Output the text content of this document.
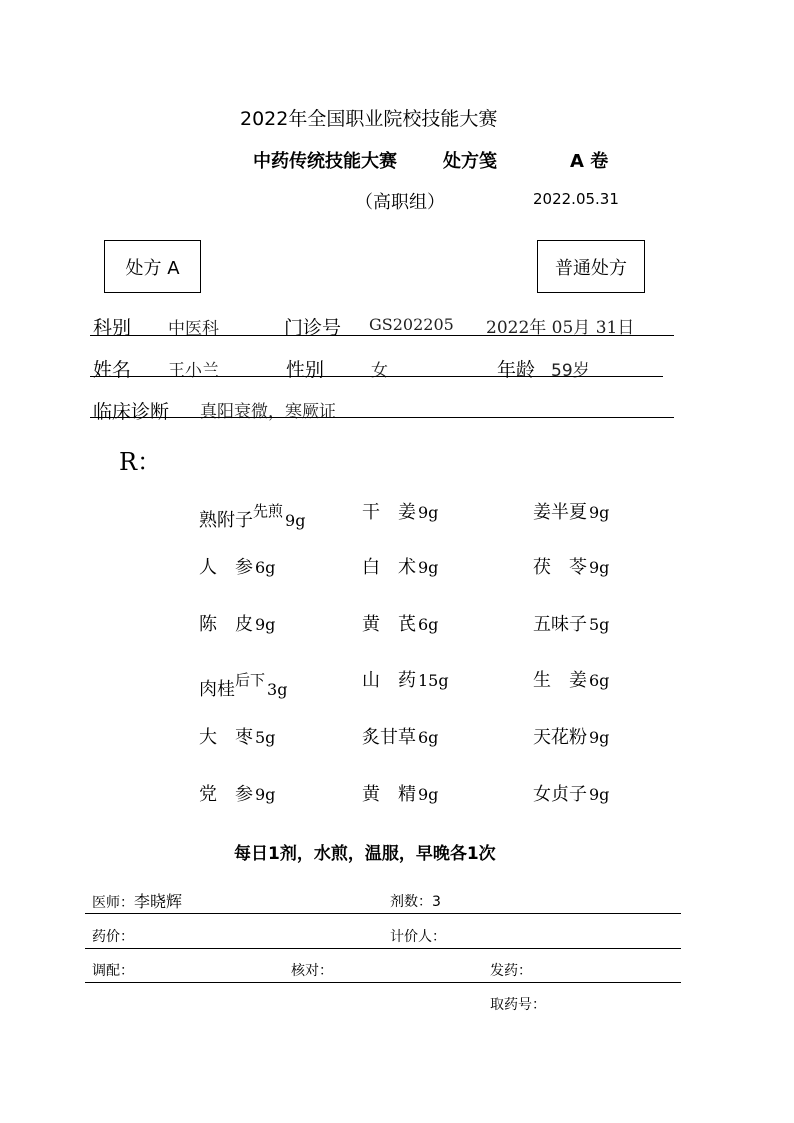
2022年全国职业院校技能大赛
中药传统技能大赛	处方笺	A 卷
（高职组）	2022.05.31
处方 A	普通处方
科别 中医科	门诊号 GS202205 2022年 05月 31日
姓名 王小兰	性别	女	年龄 59岁
临床诊断 真阳衰微，寒厥证
R：
熟附子$^{先煎}$ 9g	干　姜 9g	姜半夏 9g
人　参 6g	白　术 9g	茯　苓 9g
陈　皮 9g	黄　芪 6g	五味子 5g
肉桂$^{后下}$ 3g	山　药 15g	生　姜 6g
大　枣 5g	炙甘草 6g	天花粉 9g
党　参 9g	黄　精 9g	女贞子 9g
每日1剂，水煎，温服，早晚各1次
医师：李晓辉	剂数：3
药价：	计价人：
调配：	核对：	发药：
取药号：
